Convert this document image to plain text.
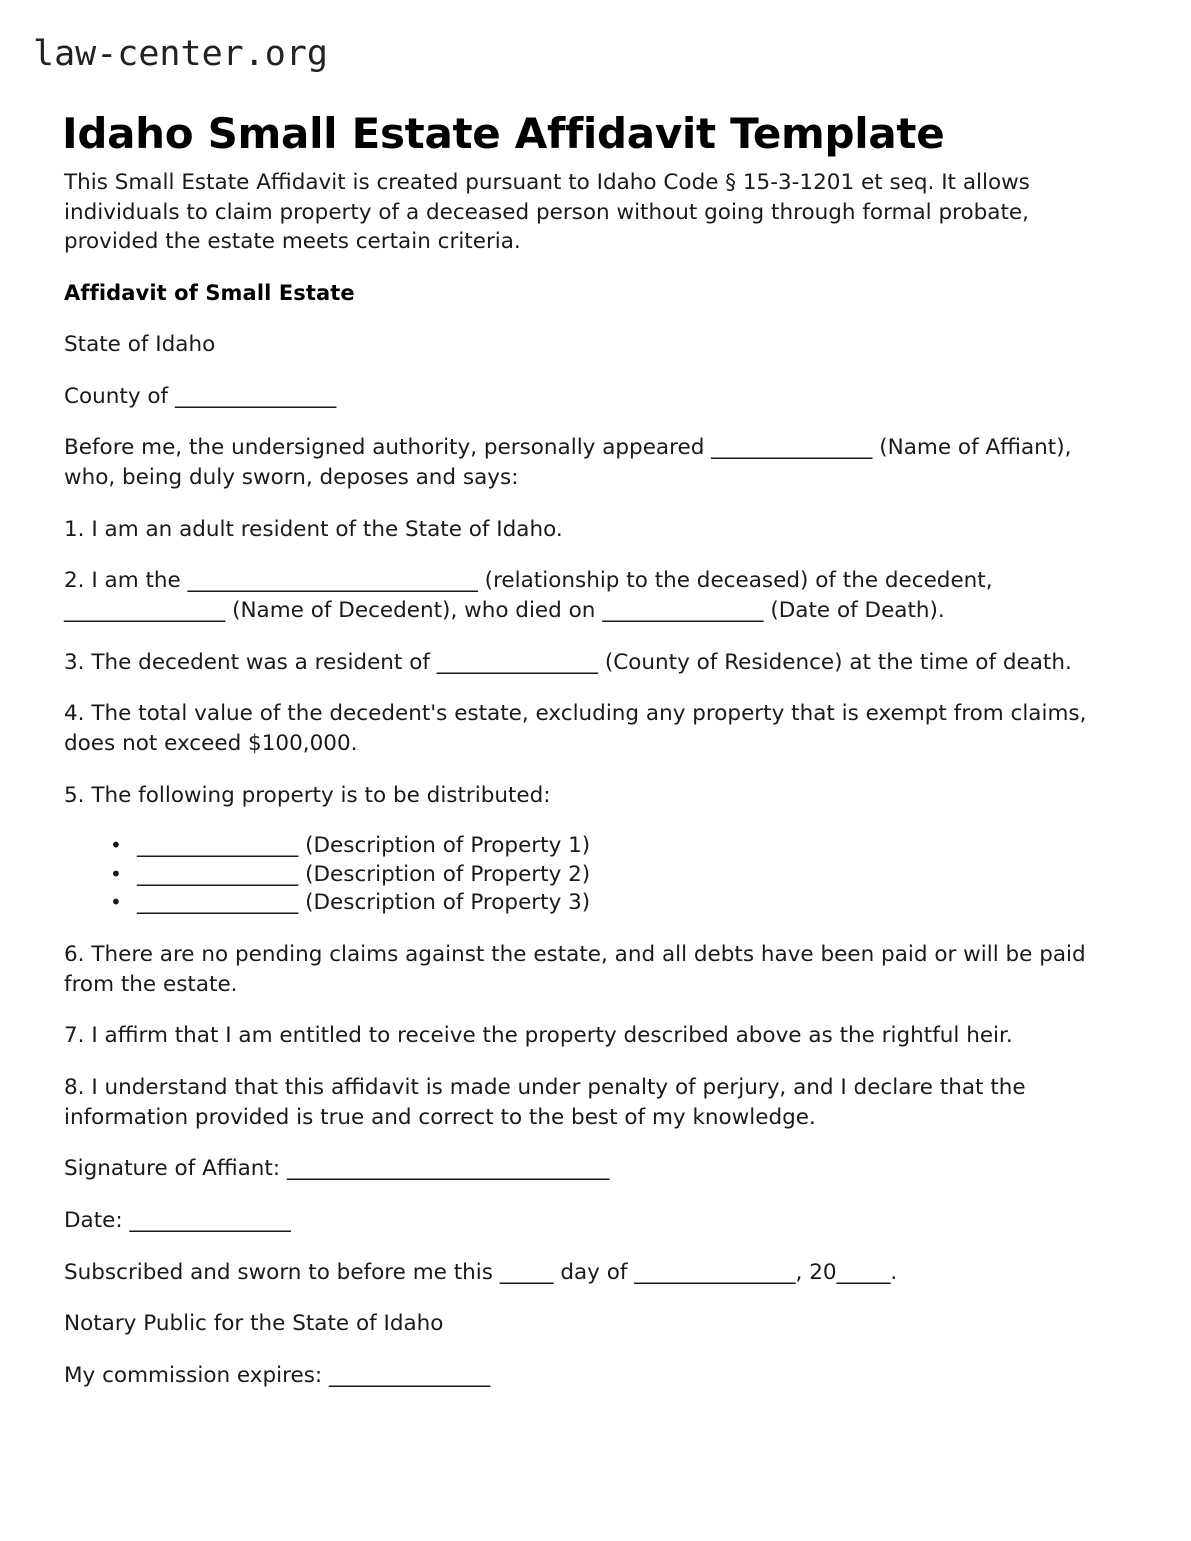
law-center.org
Idaho Small Estate Affidavit Template

This Small Estate Affidavit is created pursuant to Idaho Code § 15-3-1201 et seq. It allows individuals to claim property of a deceased person without going through formal probate, provided the estate meets certain criteria.

Affidavit of Small Estate

State of Idaho

County of _______________

Before me, the undersigned authority, personally appeared _______________ (Name of Affiant), who, being duly sworn, deposes and says:

1. I am an adult resident of the State of Idaho.

2. I am the ___________________________ (relationship to the deceased) of the decedent, _______________ (Name of Decedent), who died on _______________ (Date of Death).

3. The decedent was a resident of _______________ (County of Residence) at the time of death.

4. The total value of the decedent's estate, excluding any property that is exempt from claims, does not exceed $100,000.

5. The following property is to be distributed:

• _______________ (Description of Property 1)
• _______________ (Description of Property 2)
• _______________ (Description of Property 3)

6. There are no pending claims against the estate, and all debts have been paid or will be paid from the estate.

7. I affirm that I am entitled to receive the property described above as the rightful heir.

8. I understand that this affidavit is made under penalty of perjury, and I declare that the information provided is true and correct to the best of my knowledge.

Signature of Affiant: ______________________________

Date: _______________

Subscribed and sworn to before me this _____ day of _______________, 20_____.

Notary Public for the State of Idaho

My commission expires: _______________
